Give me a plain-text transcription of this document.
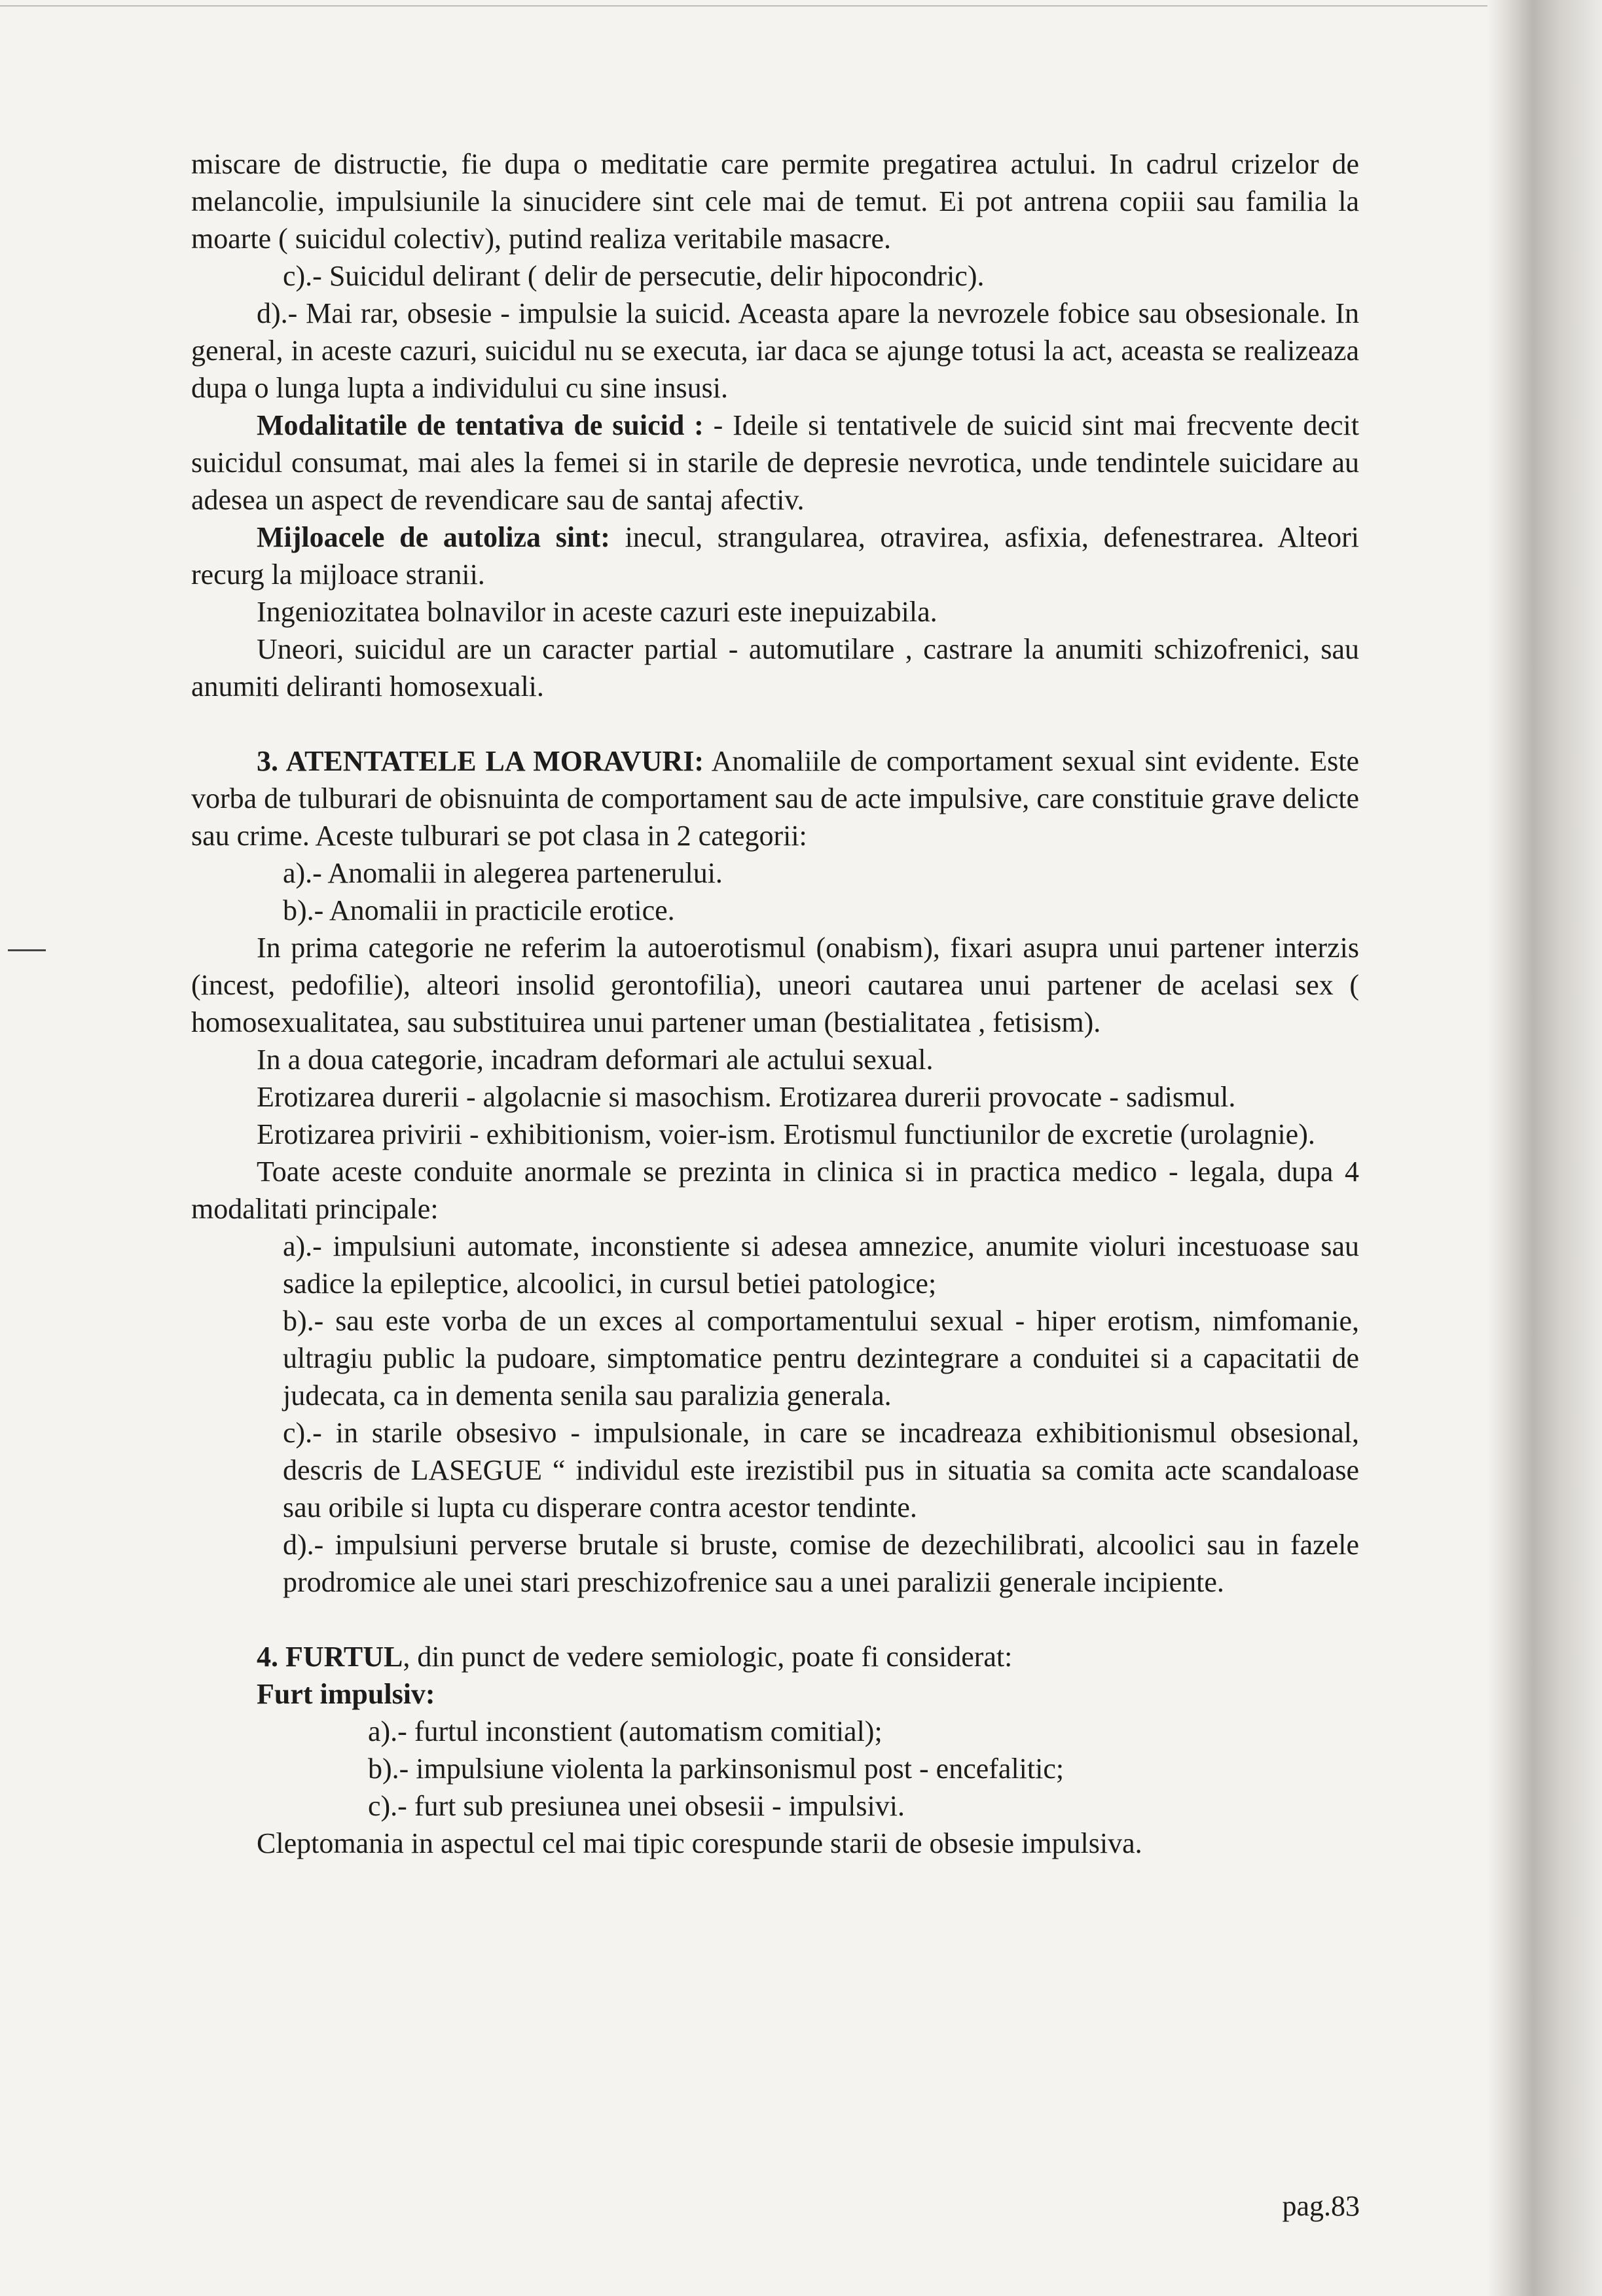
miscare de distructie, fie dupa o meditatie care permite pregatirea actului. In cadrul crizelor de melancolie, impulsiunile la sinucidere sint cele mai de temut. Ei pot antrena copiii sau familia la moarte ( suicidul colectiv), putind realiza veritabile masacre.

c).- Suicidul delirant ( delir de persecutie, delir hipocondric).

d).- Mai rar, obsesie - impulsie la suicid. Aceasta apare la nevrozele fobice sau obsesionale. In general, in aceste cazuri, suicidul nu se executa, iar daca se ajunge totusi la act, aceasta se realizeaza dupa o lunga lupta a individului cu sine insusi.

Modalitatile de tentativa de suicid : - Ideile si tentativele de suicid sint mai frecvente decit suicidul consumat, mai ales la femei si in starile de depresie nevrotica, unde tendintele suicidare au adesea un aspect de revendicare sau de santaj afectiv.

Mijloacele de autoliza sint: inecul, strangularea, otravirea, asfixia, defenestrarea. Alteori recurg la mijloace stranii.

Ingeniozitatea bolnavilor in aceste cazuri este inepuizabila.

Uneori, suicidul are un caracter partial - automutilare , castrare la anumiti schizofrenici, sau anumiti deliranti homosexuali.

3. ATENTATELE LA MORAVURI: Anomaliile de comportament sexual sint evidente. Este vorba de tulburari de obisnuinta de comportament sau de acte impulsive, care constituie grave delicte sau crime. Aceste tulburari se pot clasa in 2 categorii:

a).- Anomalii in alegerea partenerului.

b).- Anomalii in practicile erotice.

In prima categorie ne referim la autoerotismul (onabism), fixari asupra unui partener interzis (incest, pedofilie), alteori insolid gerontofilia), uneori cautarea unui partener de acelasi sex ( homosexualitatea, sau substituirea unui partener uman (bestialitatea , fetisism).

In a doua categorie, incadram deformari ale actului sexual.

Erotizarea durerii - algolacnie si masochism. Erotizarea durerii provocate - sadismul.

Erotizarea privirii - exhibitionism, voier-ism. Erotismul functiunilor de excretie (urolagnie).

Toate aceste conduite anormale se prezinta in clinica si in practica medico - legala, dupa 4 modalitati principale:

a).- impulsiuni automate, inconstiente si adesea amnezice, anumite violuri incestuoase sau sadice la epileptice, alcoolici, in cursul betiei patologice;

b).- sau este vorba de un exces al comportamentului sexual - hiper erotism, nimfomanie, ultragiu public la pudoare, simptomatice pentru dezintegrare a conduitei si a capacitatii de judecata, ca in dementa senila sau paralizia generala.

c).- in starile obsesivo - impulsionale, in care se incadreaza exhibitionismul obsesional, descris de LASEGUE “ individul este irezistibil pus in situatia sa comita acte scandaloase sau oribile si lupta cu disperare contra acestor tendinte.

d).- impulsiuni perverse brutale si bruste, comise de dezechilibrati, alcoolici sau in fazele prodromice ale unei stari preschizofrenice sau a unei paralizii generale incipiente.

4. FURTUL, din punct de vedere semiologic, poate fi considerat:

Furt impulsiv:

a).- furtul inconstient (automatism comitial);

b).- impulsiune violenta la parkinsonismul post - encefalitic;

c).- furt sub presiunea unei obsesii - impulsivi.

Cleptomania in aspectul cel mai tipic corespunde starii de obsesie impulsiva.

pag.83
